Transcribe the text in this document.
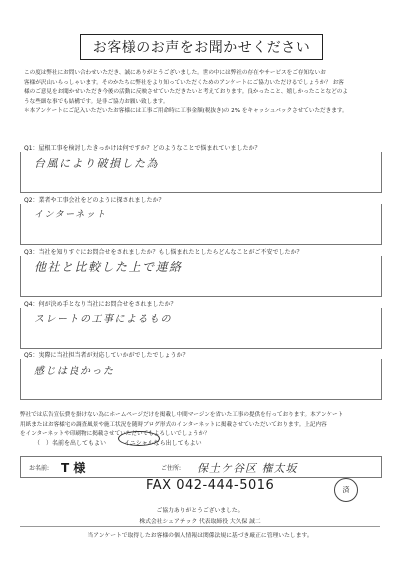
お客様のお声をお聞かせください
この度は弊社にお問い合わせいただき、誠にありがとうございました。世の中には弊社の存在やサービスをご存知ないお
客様が沢山いらっしゃいます。そのかたちに弊社をより知っていただくためのアンケートにご協力いただけるでしょうか？ お客
様のご意見をお聞かせいただき今後の活動に反映させていただきたいと考えております。良かったこと、嬉しかったことなどのよ
うな些細な事でも結構です。是非ご協力お願い致します。
＊本アンケートにご記入いただいたお客様には工事ご用命時に工事金額(税抜き)の 2% をキャッシュバックさせていただきます。
Q1：屋根工事を検討したきっかけは何ですか？どのようなことで悩まれていましたか？
台風により破損した為
Q2：業者や工事会社をどのように探されましたか？
インターネット
Q3：当社を知りすぐにお問合せをされましたか？もし悩まれたとしたらどんなことがご不安でしたか？
他社と比較した上で連絡
Q4：何が決め手となり当社にお問合せをされましたか？
スレートの工事によるもの
Q5：実際に当社担当者が対応していかがでしたでしょうか？
感じは良かった
弊社では広告宣伝費を掛けない為にホームページだけを掲載し中間マージンを省いた工事の提供を行っております。本アンケート
用紙またはお客様宅の調査風景や施工状況を随時ブログ形式のインターネットに掲載させていただいております。上記内容
をインターネットや印刷物に掲載させていただいてもよろしいでしょうか？
（　）名前を出してもよい	イニシャルなら出してもよい
お名前: T 様	ご住所: 保土ケ谷区 権太坂
FAX 042-444-5016	済
ご協力ありがとうございました。
株式会社シェアテック 代表取締役 大久保 誠二
当アンケートで取得したお客様の個人情報は関係法規に基づき厳正に管理いたします。
